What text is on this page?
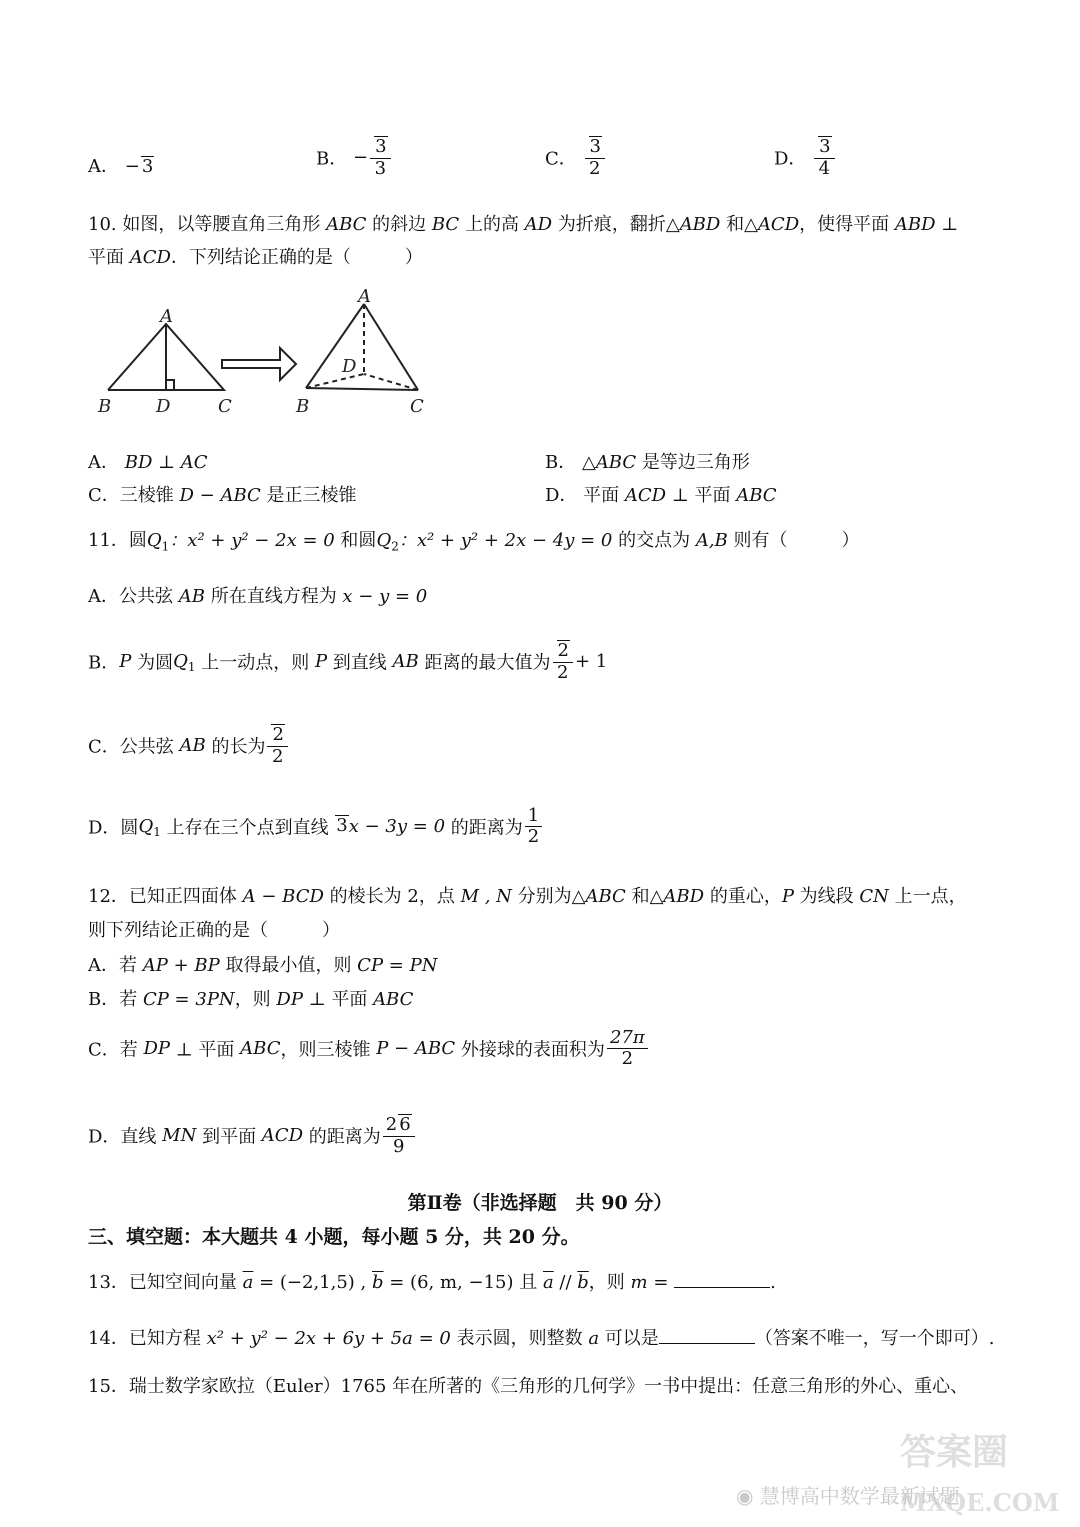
A． − 3	B． − $\frac{3}{3}$	C． $\frac{3}{2}$	D． $\frac{3}{4}$
10. 如图，以等腰直角三角形 ABC 的斜边 BC 上的高 AD 为折痕，翻折△ABD 和△ACD，使得平面 ABD ⊥
平面 ACD．下列结论正确的是（　　　）
A
B D	C
A
D
B	C
A． BD ⊥ AC	B． △ABC 是等边三角形
C．三棱锥 D − ABC 是正三棱锥	D． 平面 ACD ⊥ 平面 ABC
11．圆$Q_1$：x² + y² − 2x = 0 和圆$Q_2$：x² + y² + 2x − 4y = 0 的交点为 A,B 则有（　　　）
A．公共弦 AB 所在直线方程为 x − y = 0
B．P 为圆$Q_1$ 上一动点，则 P 到直线 AB 距离的最大值为 $\frac{2}{2} + 1$
C．公共弦 AB 的长为 $\frac{2}{2}$
D．圆$Q_1$ 上存在三个点到直线 3x − 3y = 0 的距离为 $\frac{1}{2}$
12．已知正四面体 A − BCD 的棱长为 2，点 M , N 分别为△ABC 和△ABD 的重心，P 为线段 CN 上一点，
则下列结论正确的是（　　　）
A．若 AP + BP 取得最小值，则 CP = PN
B．若 CP = 3PN，则 DP ⊥ 平面 ABC
C．若 DP ⊥ 平面 ABC，则三棱锥 P − ABC 外接球的表面积为 $\frac{27\pi}{2}$
D．直线 MN 到平面 ACD 的距离为 $\frac{2 6}{9}$
第Ⅱ卷（非选择题　共 90 分）
三、填空题：本大题共 4 小题，每小题 5 分，共 20 分。
13．已知空间向量 $\overline{a} = (-2,1,5)$ , $\overline{b} = (6$, m, −15) 且 $\overline{a} // \overline{b}$，则 m =	.
14．已知方程 x² + y² − 2x + 6y + 5a = 0 表示圆，则整数 a 可以是	（答案不唯一，写一个即可）.
15．瑞士数学家欧拉（Euler）1765 年在所著的《三角形的几何学》一书中提出：任意三角形的外心、重心、
◉ 慧博高中数学最新试题
答案圈
MXQE.COM
